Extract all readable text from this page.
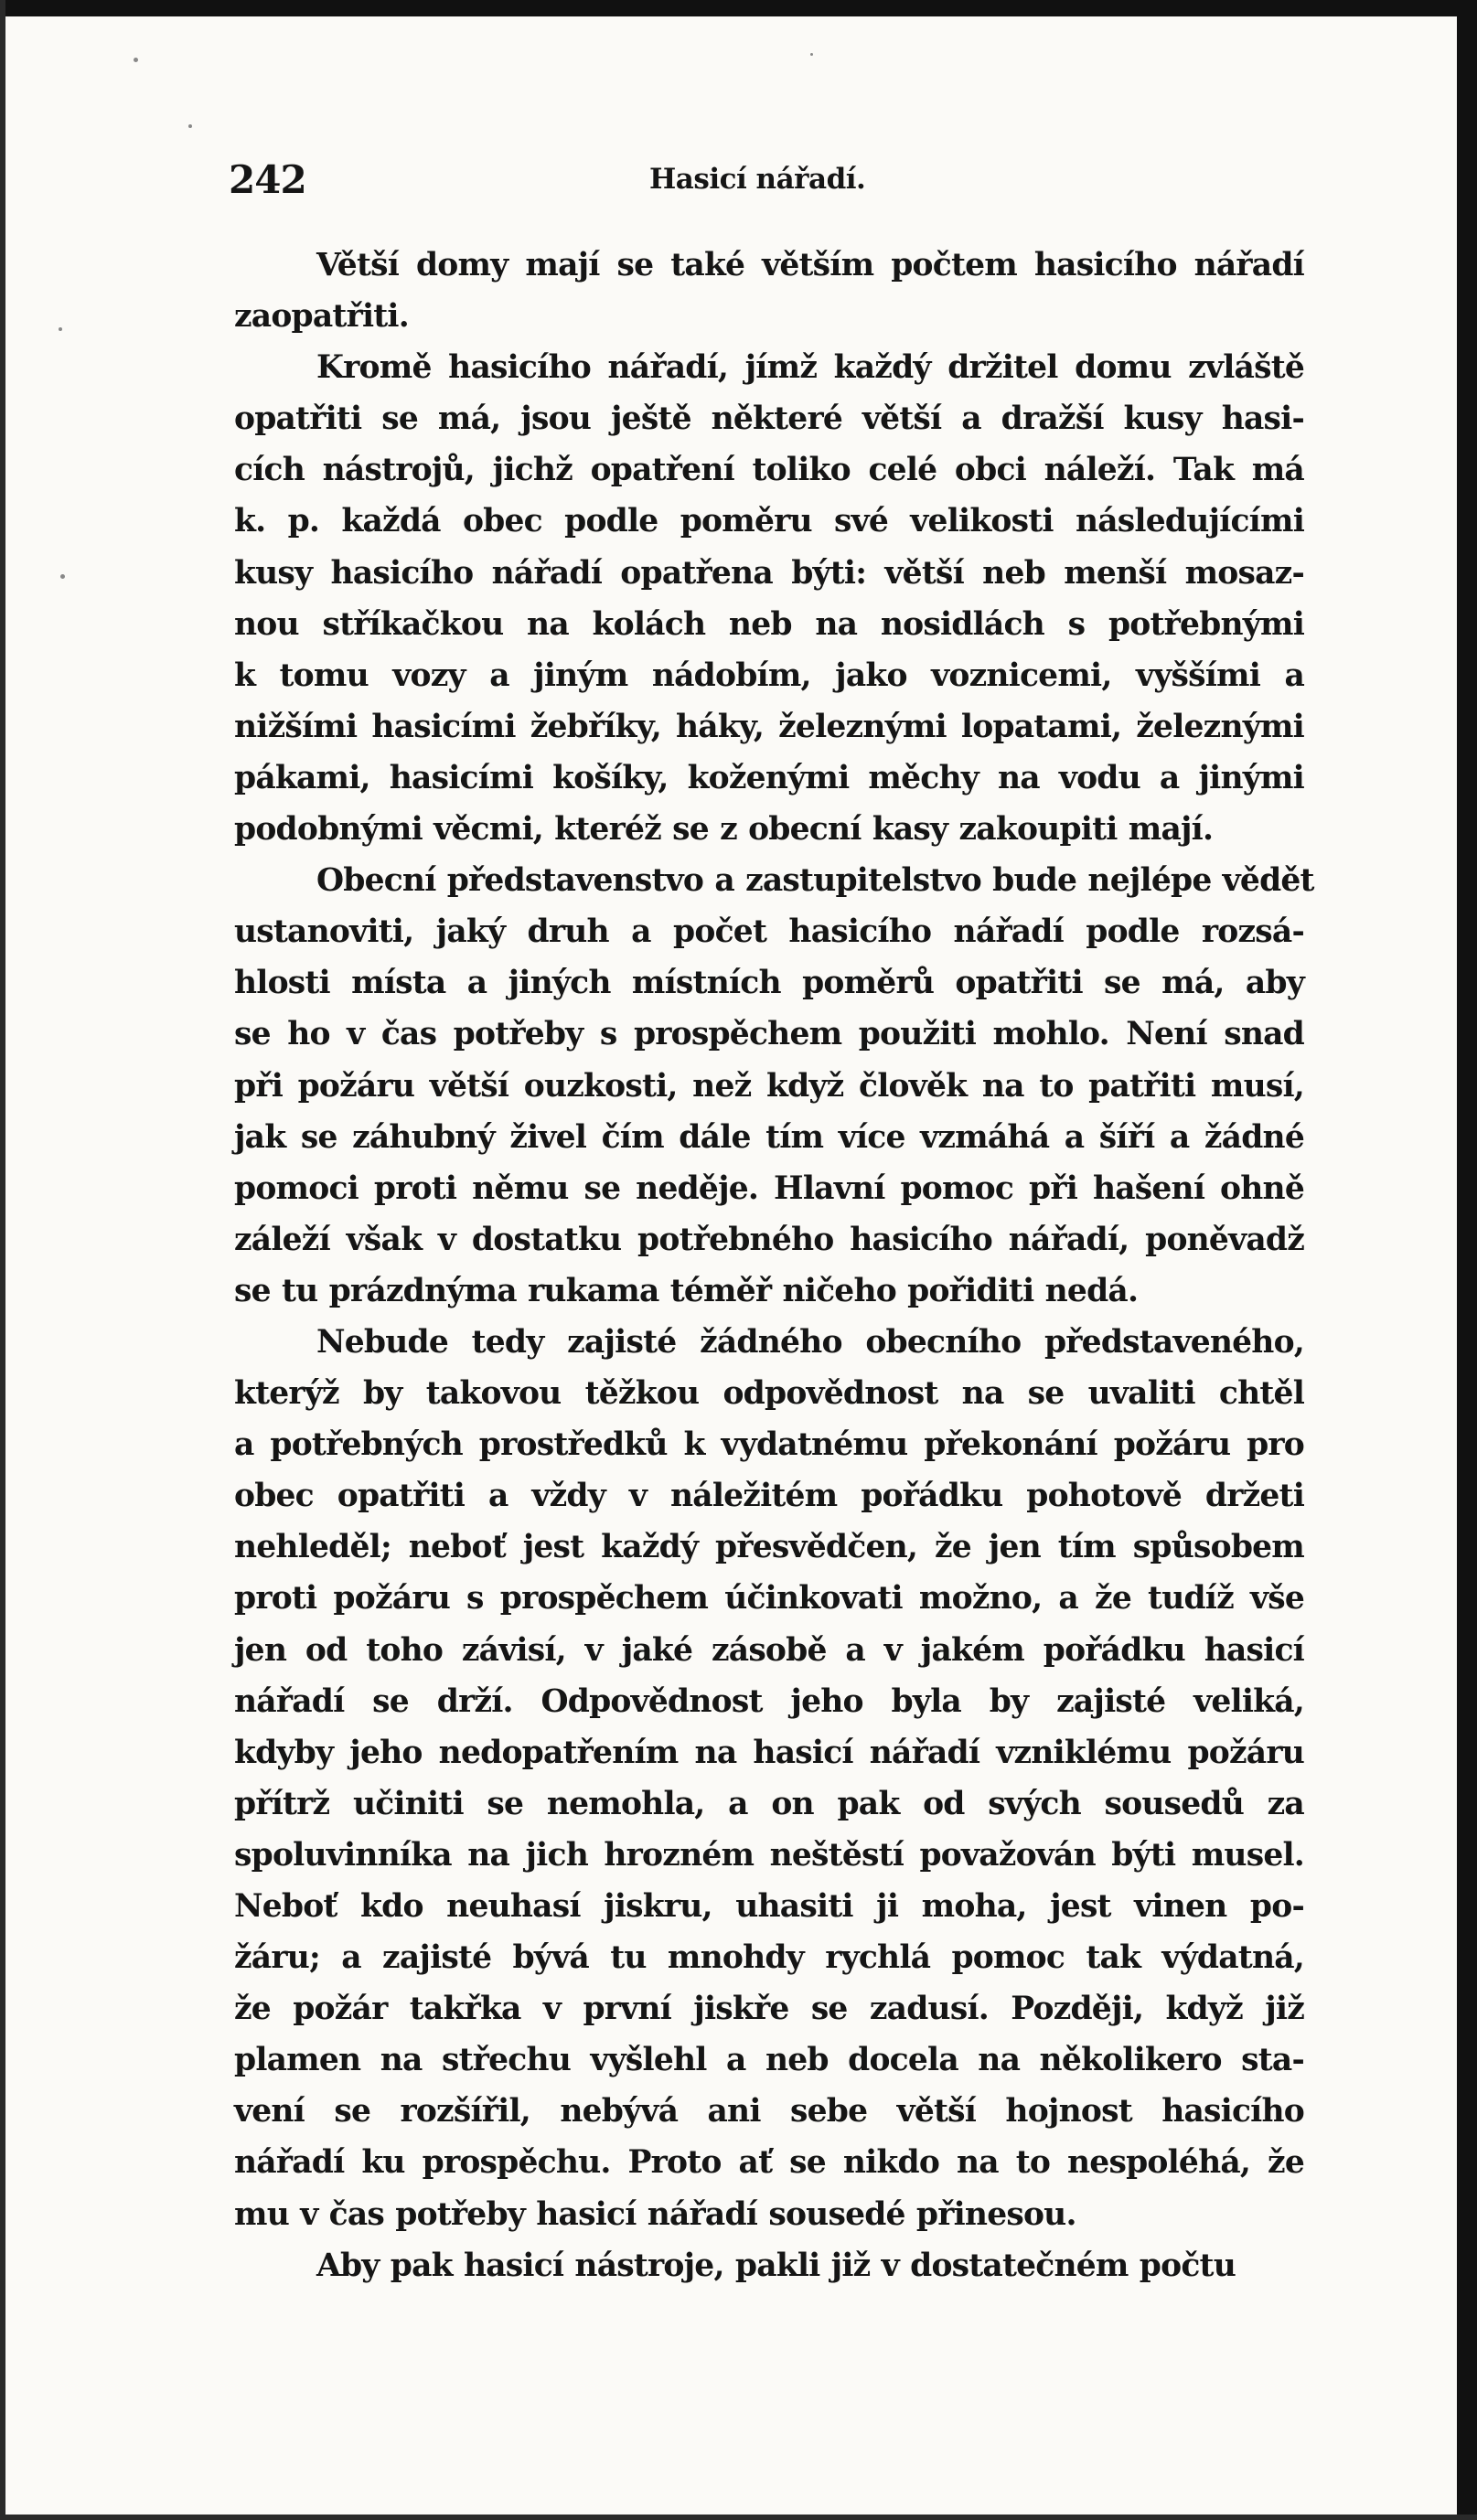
242	Hasicí nářadí.
Větší domy mají se také větším počtem hasicího nářadí
zaopatřiti.
Kromě hasicího nářadí, jímž každý držitel domu zvláště
opatřiti se má, jsou ještě některé větší a dražší kusy hasi-
cích nástrojů, jichž opatření toliko celé obci náleží. Tak má
k. p. každá obec podle poměru své velikosti následujícími
kusy hasicího nářadí opatřena býti: větší neb menší mosaz-
nou stříkačkou na kolách neb na nosidlách s potřebnými
k tomu vozy a jiným nádobím, jako voznicemi, vyššími a
nižšími hasicími žebříky, háky, železnými lopatami, železnými
pákami, hasicími košíky, koženými měchy na vodu a jinými
podobnými věcmi, kteréž se z obecní kasy zakoupiti mají.
Obecní představenstvo a zastupitelstvo bude nejlépe vědět
ustanoviti, jaký druh a počet hasicího nářadí podle rozsá-
hlosti místa a jiných místních poměrů opatřiti se má, aby
se ho v čas potřeby s prospěchem použiti mohlo. Není snad
při požáru větší ouzkosti, než když člověk na to patřiti musí,
jak se záhubný živel čím dále tím více vzmáhá a šíří a žádné
pomoci proti němu se neděje. Hlavní pomoc při hašení ohně
záleží však v dostatku potřebného hasicího nářadí, poněvadž
se tu prázdnýma rukama téměř ničeho pořiditi nedá.
Nebude tedy zajisté žádného obecního představeného,
kterýž by takovou těžkou odpovědnost na se uvaliti chtěl
a potřebných prostředků k vydatnému překonání požáru pro
obec opatřiti a vždy v náležitém pořádku pohotově držeti
nehleděl; neboť jest každý přesvědčen, že jen tím spůsobem
proti požáru s prospěchem účinkovati možno, a že tudíž vše
jen od toho závisí, v jaké zásobě a v jakém pořádku hasicí
nářadí se drží. Odpovědnost jeho byla by zajisté veliká,
kdyby jeho nedopatřením na hasicí nářadí vzniklému požáru
přítrž učiniti se nemohla, a on pak od svých sousedů za
spoluvinníka na jich hrozném neštěstí považován býti musel.
Neboť kdo neuhasí jiskru, uhasiti ji moha, jest vinen po-
žáru; a zajisté bývá tu mnohdy rychlá pomoc tak výdatná,
že požár takřka v první jiskře se zadusí. Později, když již
plamen na střechu vyšlehl a neb docela na několikero sta-
vení se rozšířil, nebývá ani sebe větší hojnost hasicího
nářadí ku prospěchu. Proto ať se nikdo na to nespoléhá, že
mu v čas potřeby hasicí nářadí sousedé přinesou.
Aby pak hasicí nástroje, pakli již v dostatečném počtu
